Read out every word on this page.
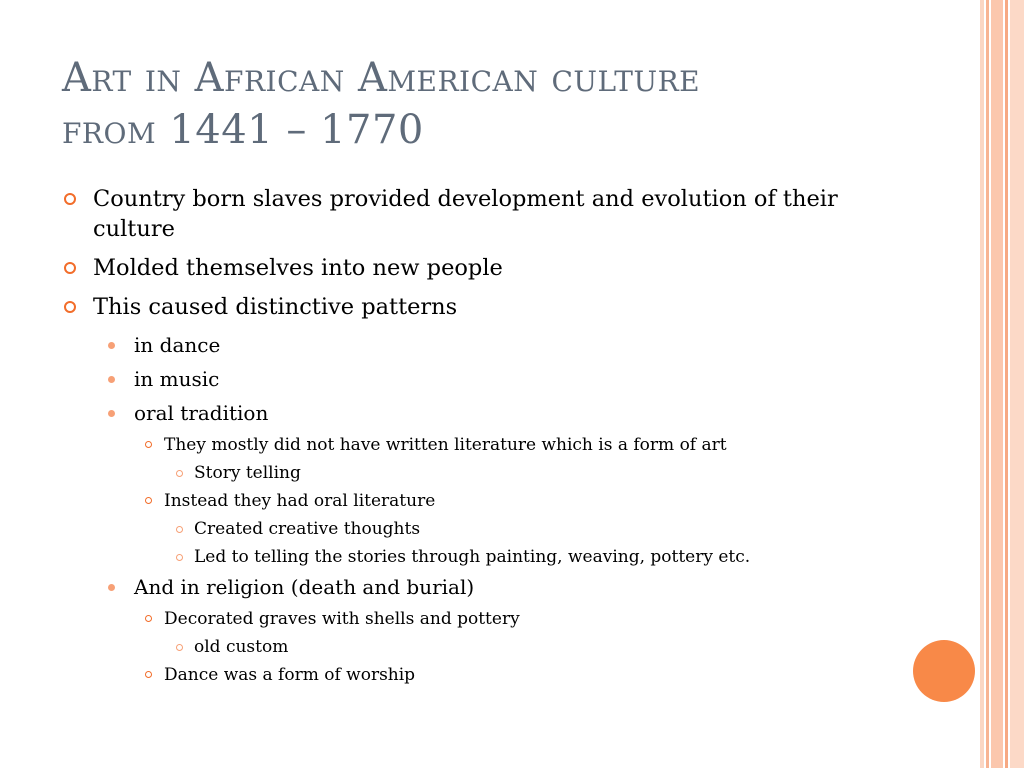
Art in African American culture
from 1441 – 1770
Country born slaves provided development and evolution of their culture
Molded themselves into new people
This caused distinctive patterns
in dance
in music
oral tradition
They mostly did not have written literature which is a form of art
Story telling
Instead they had oral literature
Created creative thoughts
Led to telling the stories through painting, weaving, pottery etc.
And in religion (death and burial)
Decorated graves with shells and pottery
old custom
Dance was a form of worship
